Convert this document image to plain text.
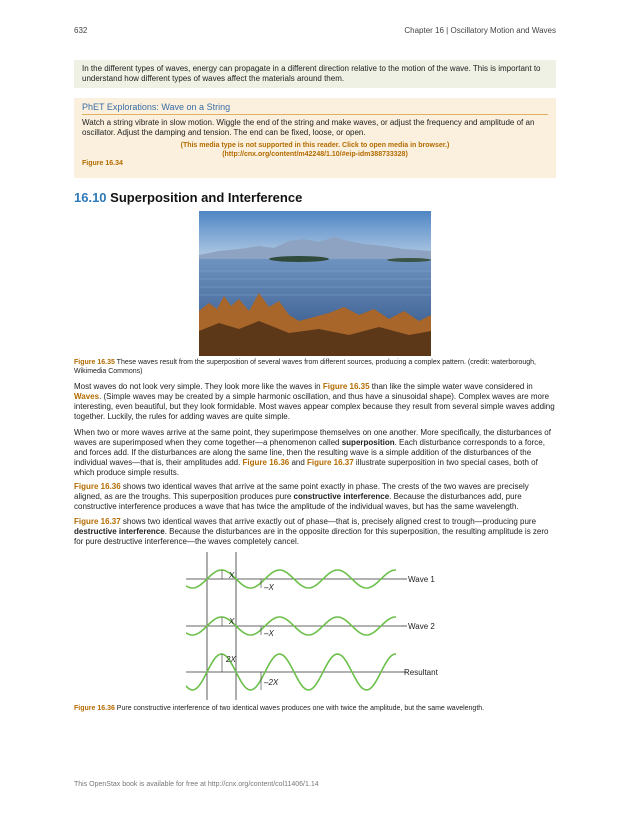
632	Chapter 16 | Oscillatory Motion and Waves
In the different types of waves, energy can propagate in a different direction relative to the motion of the wave. This is important to understand how different types of waves affect the materials around them.
PhET Explorations: Wave on a String
Watch a string vibrate in slow motion. Wiggle the end of the string and make waves, or adjust the frequency and amplitude of an oscillator. Adjust the damping and tension. The end can be fixed, loose, or open.
(This media type is not supported in this reader. Click to open media in browser.) (http://cnx.org/content/m42248/1.10/#eip-idm388733328)
Figure 16.34
16.10 Superposition and Interference
Figure 16.35 These waves result from the superposition of several waves from different sources, producing a complex pattern. (credit: waterborough, Wikimedia Commons)
Most waves do not look very simple. They look more like the waves in Figure 16.35 than like the simple water wave considered in Waves. (Simple waves may be created by a simple harmonic oscillation, and thus have a sinusoidal shape). Complex waves are more interesting, even beautiful, but they look formidable. Most waves appear complex because they result from several simple waves adding together. Luckily, the rules for adding waves are quite simple.
When two or more waves arrive at the same point, they superimpose themselves on one another. More specifically, the disturbances of waves are superimposed when they come together—a phenomenon called superposition. Each disturbance corresponds to a force, and forces add. If the disturbances are along the same line, then the resulting wave is a simple addition of the disturbances of the individual waves—that is, their amplitudes add. Figure 16.36 and Figure 16.37 illustrate superposition in two special cases, both of which produce simple results.
Figure 16.36 shows two identical waves that arrive at the same point exactly in phase. The crests of the two waves are precisely aligned, as are the troughs. This superposition produces pure constructive interference. Because the disturbances add, pure constructive interference produces a wave that has twice the amplitude of the individual waves, but has the same wavelength.
Figure 16.37 shows two identical waves that arrive exactly out of phase—that is, precisely aligned crest to trough—producing pure destructive interference. Because the disturbances are in the opposite direction for this superposition, the resulting amplitude is zero for pure destructive interference—the waves completely cancel.
Wave 1
X
–X
Wave 2
X
–X
Resultant
2X
–2X
Figure 16.36 Pure constructive interference of two identical waves produces one with twice the amplitude, but the same wavelength.
This OpenStax book is available for free at http://cnx.org/content/col11406/1.14
